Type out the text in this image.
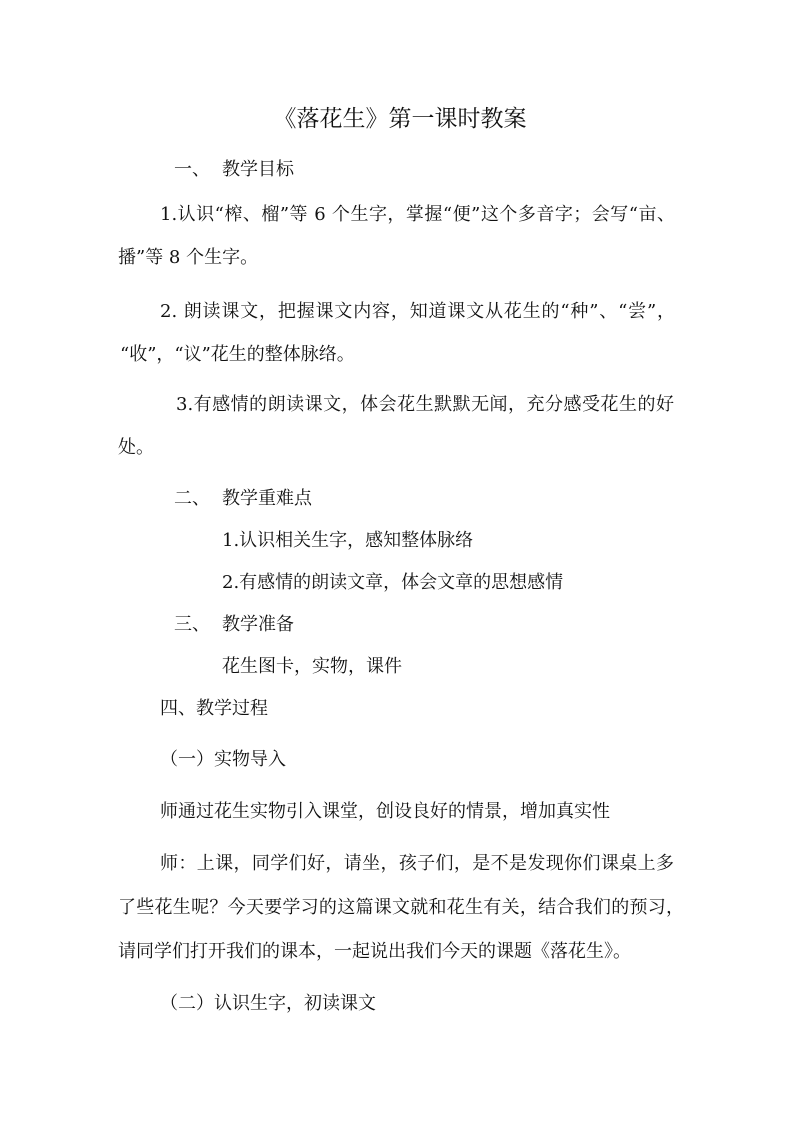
《落花生》第一课时教案
一、 教学目标
1.认识“榨、榴”等 6 个生字，掌握“便”这个多音字；会写“亩、
播”等 8 个生字。
2. 朗读课文，把握课文内容，知道课文从花生的“种”、“尝”，
“收”，“议”花生的整体脉络。
3.有感情的朗读课文，体会花生默默无闻，充分感受花生的好
处。
二、 教学重难点
1.认识相关生字，感知整体脉络
2.有感情的朗读文章，体会文章的思想感情
三、 教学准备
花生图卡，实物，课件
四、教学过程
（一）实物导入
师通过花生实物引入课堂，创设良好的情景，增加真实性
师：上课，同学们好，请坐，孩子们，是不是发现你们课桌上多
了些花生呢？今天要学习的这篇课文就和花生有关，结合我们的预习，
请同学们打开我们的课本，一起说出我们今天的课题《落花生》。
（二）认识生字，初读课文
